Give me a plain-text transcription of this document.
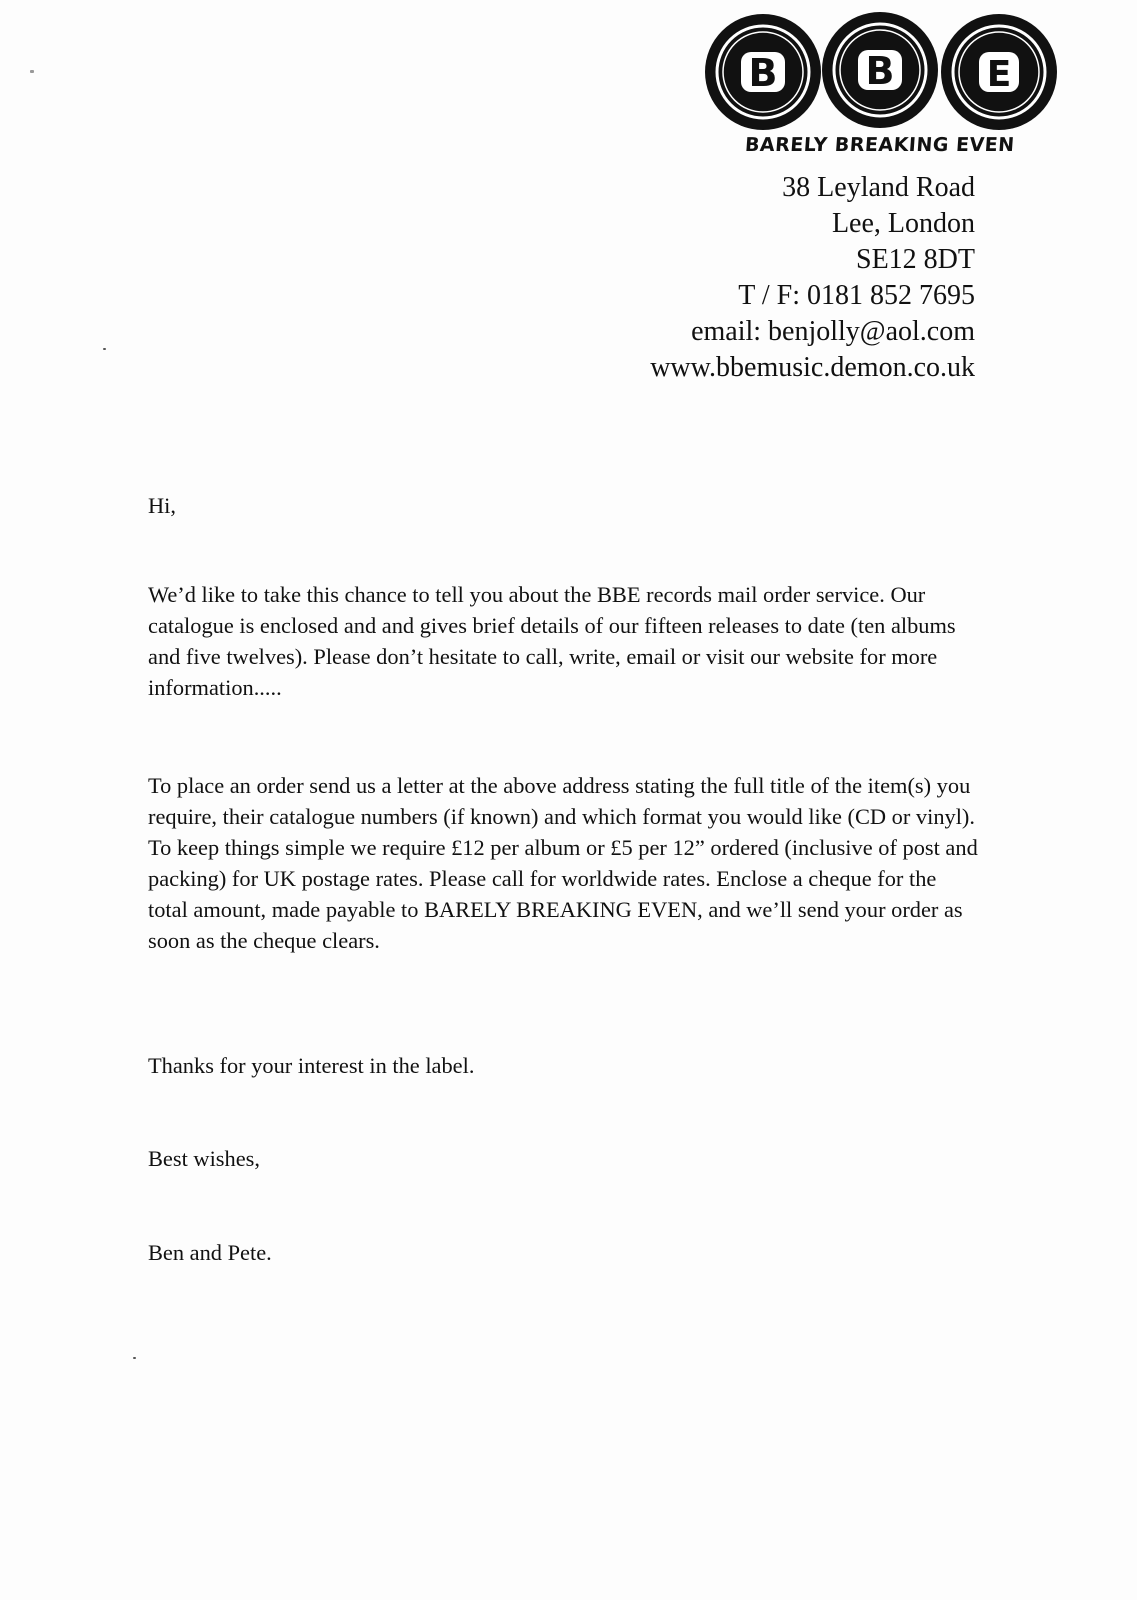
B B	E
BARELY BREAKING EVEN
38 Leyland Road
Lee, London
SE12 8DT
T / F: 0181 852 7695
email: benjolly@aol.com
www.bbemusic.demon.co.uk

Hi,

We’d like to take this chance to tell you about the BBE records mail order service. Our catalogue is enclosed and and gives brief details of our fifteen releases to date (ten albums and five twelves). Please don’t hesitate to call, write, email or visit our website for more information.....

To place an order send us a letter at the above address stating the full title of the item(s) you require, their catalogue numbers (if known) and which format you would like (CD or vinyl). To keep things simple we require £12 per album or £5 per 12” ordered (inclusive of post and packing) for UK postage rates. Please call for worldwide rates. Enclose a cheque for the total amount, made payable to BARELY BREAKING EVEN, and we’ll send your order as soon as the cheque clears.

Thanks for your interest in the label.

Best wishes,

Ben and Pete.
